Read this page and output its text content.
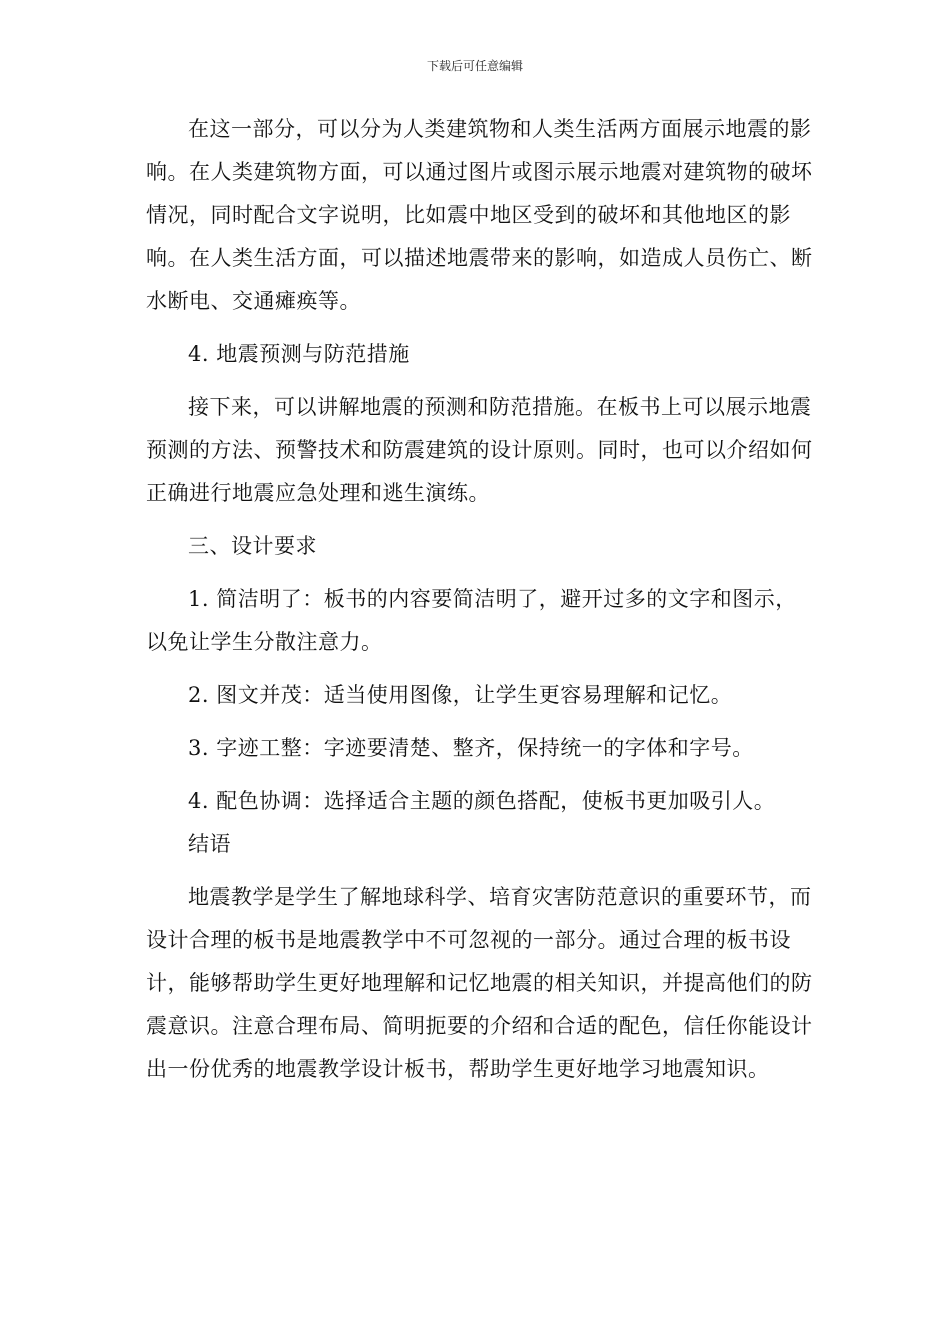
下载后可任意编辑

在这一部分，可以分为人类建筑物和人类生活两方面展示地震的影响。在人类建筑物方面，可以通过图片或图示展示地震对建筑物的破坏情况，同时配合文字说明，比如震中地区受到的破坏和其他地区的影响。在人类生活方面，可以描述地震带来的影响，如造成人员伤亡、断水断电、交通瘫痪等。

4. 地震预测与防范措施

接下来，可以讲解地震的预测和防范措施。在板书上可以展示地震预测的方法、预警技术和防震建筑的设计原则。同时，也可以介绍如何正确进行地震应急处理和逃生演练。

三、设计要求

1. 简洁明了：板书的内容要简洁明了，避开过多的文字和图示，以免让学生分散注意力。

2. 图文并茂：适当使用图像，让学生更容易理解和记忆。

3. 字迹工整：字迹要清楚、整齐，保持统一的字体和字号。

4. 配色协调：选择适合主题的颜色搭配，使板书更加吸引人。

结语

地震教学是学生了解地球科学、培育灾害防范意识的重要环节，而设计合理的板书是地震教学中不可忽视的一部分。通过合理的板书设计，能够帮助学生更好地理解和记忆地震的相关知识，并提高他们的防震意识。注意合理布局、简明扼要的介绍和合适的配色，信任你能设计出一份优秀的地震教学设计板书，帮助学生更好地学习地震知识。
